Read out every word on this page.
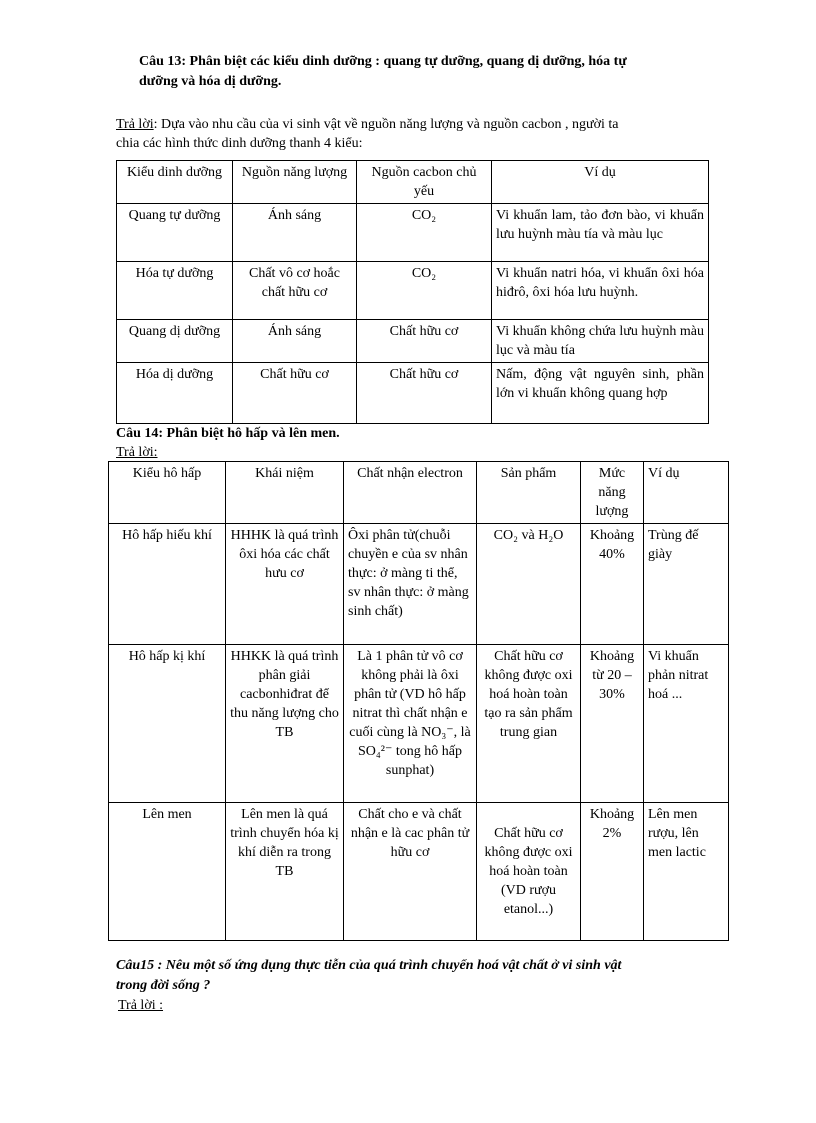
Câu 13: Phân biệt các kiểu dinh dưỡng : quang tự dưỡng, quang dị dưỡng, hóa tự
dưỡng và hóa dị dưỡng.
Trả lời: Dựa vào nhu cầu của vi sinh vật về nguồn năng lượng và nguồn cacbon , người ta
chia các hình thức dinh dưỡng thanh 4 kiểu:
Kiểu dinh dưỡng	Nguồn năng lượng	Nguồn cacbon chủ yếu	Ví dụ
Quang tự dưỡng	Ánh sáng	CO₂	Vi khuẩn lam, tảo đơn bào, vi khuẩn lưu huỳnh màu tía và màu lục
Hóa tự dưỡng	Chất vô cơ hoắc chất hữu cơ	CO₂	Vi khuẩn natri hóa, vi khuẩn ôxi hóa hiđrô, ôxi hóa lưu huỳnh.
Quang dị dưỡng	Ánh sáng	Chất hữu cơ	Vi khuẩn không chứa lưu huỳnh màu lục và màu tía
Hóa dị dưỡng	Chất hữu cơ	Chất hữu cơ	Nấm, động vật nguyên sinh, phần lớn vi khuẩn không quang hợp
Câu 14: Phân biệt hô hấp và lên men.
Trả lời:
Kiểu hô hấp	Khái niệm	Chất nhận electron	Sản phẩm	Mức năng lượng	Ví dụ
Hô hấp hiếu khí	HHHK là quá trình ôxi hóa các chất hưu cơ	Ôxi phân tử(chuỗi chuyền e của sv nhân thực: ở màng ti thể, sv nhân thực: ở màng sinh chất)	CO₂ và H₂O	Khoảng 40%	Trùng đế giày
Hô hấp kị khí	HHKK là quá trình phân giải cacbonhiđrat để thu năng lượng cho TB	Là 1 phân tử vô cơ không phải là ôxi phân tử (VD hô hấp nitrat thì chất nhận e cuối cùng là NO₃⁻, là SO₄²⁻ tong hô hấp sunphat)	Chất hữu cơ không được oxi hoá hoàn toàn tạo ra sản phẩm trung gian	Khoảng từ 20 – 30%	Vi khuẩn phản nitrat hoá ...
Lên men	Lên men là quá trình chuyển hóa kị khí diễn ra trong TB	Chất cho e và chất nhận e là cac phân tử hữu cơ	Chất hữu cơ không được oxi hoá hoàn toàn (VD rượu etanol...)	Khoảng 2%	Lên men rượu, lên men lactic
Câu15 : Nêu một số ứng dụng thực tiễn của quá trình chuyển hoá vật chất ở vi sinh vật
trong đời sống ?
Trả lời :
